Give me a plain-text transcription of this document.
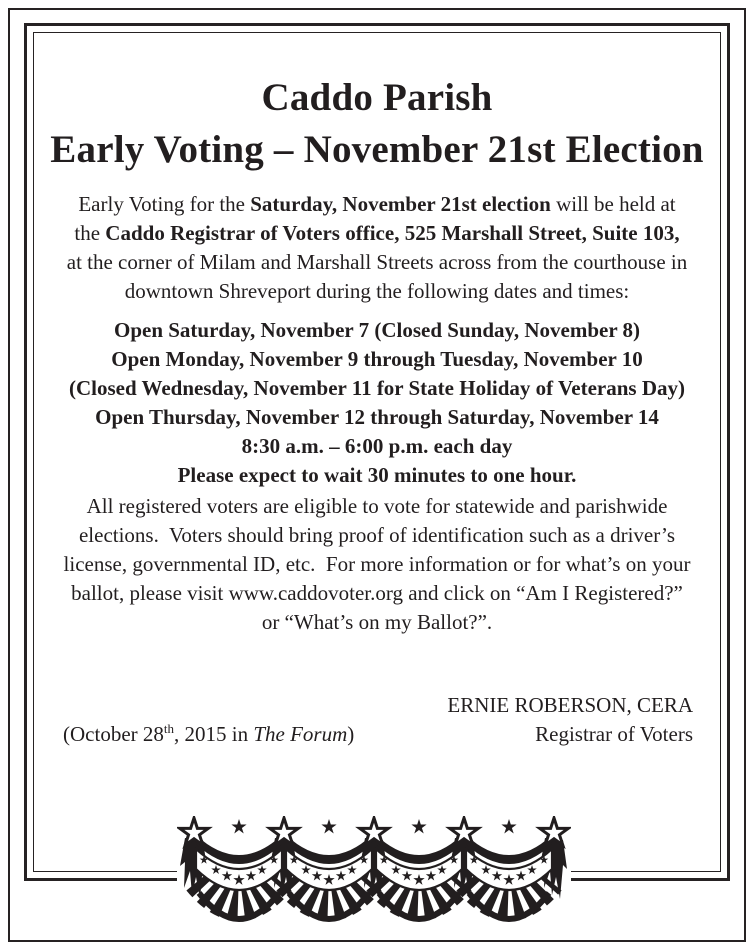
Caddo Parish
Early Voting – November 21st Election
Early Voting for the Saturday, November 21st election will be held at
the Caddo Registrar of Voters office, 525 Marshall Street, Suite 103,
at the corner of Milam and Marshall Streets across from the courthouse in
downtown Shreveport during the following dates and times:
Open Saturday, November 7 (Closed Sunday, November 8)
Open Monday, November 9 through Tuesday, November 10
(Closed Wednesday, November 11 for State Holiday of Veterans Day)
Open Thursday, November 12 through Saturday, November 14
8:30 a.m. – 6:00 p.m. each day
Please expect to wait 30 minutes to one hour.
All registered voters are eligible to vote for statewide and parishwide
elections.  Voters should bring proof of identification such as a driver’s
license, governmental ID, etc.  For more information or for what’s on your
ballot, please visit www.caddovoter.org and click on “Am I Registered?”
or “What’s on my Ballot?”.
ERNIE ROBERSON, CERA
(October 28th, 2015 in The Forum)	Registrar of Voters
